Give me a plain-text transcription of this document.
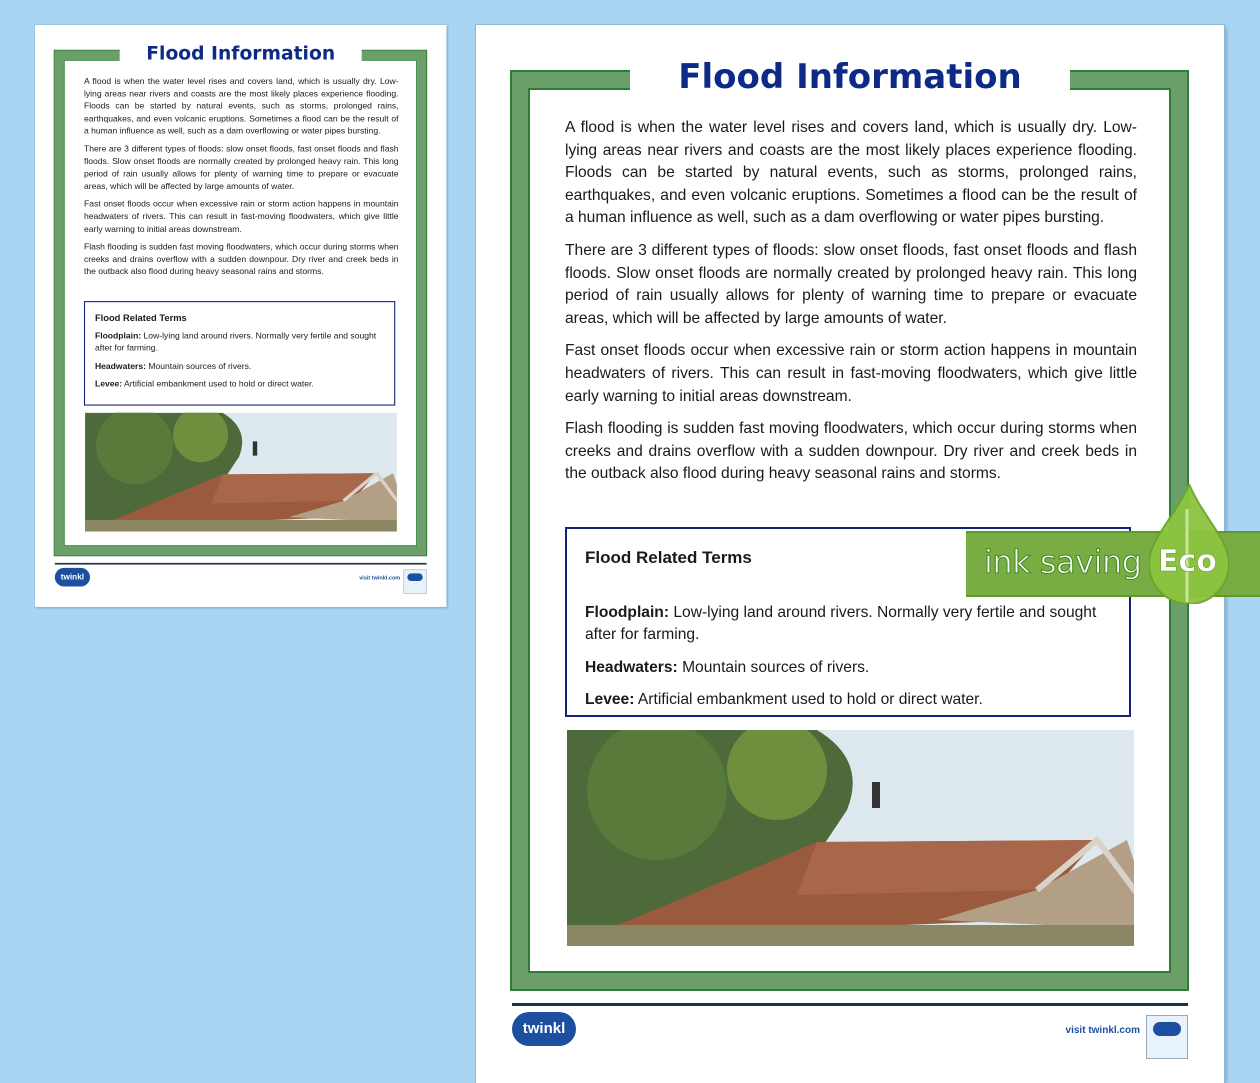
Flood Information

A flood is when the water level rises and covers land, which is usually dry. Low-lying areas near rivers and coasts are the most likely places experience flooding. Floods can be started by natural events, such as storms, prolonged rains, earthquakes, and even volcanic eruptions. Sometimes a flood can be the result of a human influence as well, such as a dam overflowing or water pipes bursting.

There are 3 different types of floods: slow onset floods, fast onset floods and flash floods. Slow onset floods are normally created by prolonged heavy rain. This long period of rain usually allows for plenty of warning time to prepare or evacuate areas, which will be affected by large amounts of water.

Fast onset floods occur when excessive rain or storm action happens in mountain headwaters of rivers. This can result in fast-moving floodwaters, which give little early warning to initial areas downstream.

Flash flooding is sudden fast moving floodwaters, which occur during storms when creeks and drains overflow with a sudden downpour. Dry river and creek beds in the outback also flood during heavy seasonal rains and storms.

Flood Related Terms

Floodplain: Low-lying land around rivers. Normally very fertile and sought after for farming.

Headwaters: Mountain sources of rivers.

Levee: Artificial embankment used to hold or direct water.

twinkl	visit twinkl.com
Flood Information

A flood is when the water level rises and covers land, which is usually dry. Low-lying areas near rivers and coasts are the most likely places experience flooding. Floods can be started by natural events, such as storms, prolonged rains, earthquakes, and even volcanic eruptions. Sometimes a flood can be the result of a human influence as well, such as a dam overflowing or water pipes bursting.

There are 3 different types of floods: slow onset floods, fast onset floods and flash floods. Slow onset floods are normally created by prolonged heavy rain. This long period of rain usually allows for plenty of warning time to prepare or evacuate areas, which will be affected by large amounts of water.

Fast onset floods occur when excessive rain or storm action happens in mountain headwaters of rivers. This can result in fast-moving floodwaters, which give little early warning to initial areas downstream.

Flash flooding is sudden fast moving floodwaters, which occur during storms when creeks and drains overflow with a sudden downpour. Dry river and creek beds in the outback also flood during heavy seasonal rains and storms.

Flood Related Terms

Floodplain: Low-lying land around rivers. Normally very fertile and sought after for farming.

Headwaters: Mountain sources of rivers.

Levee: Artificial embankment used to hold or direct water.

twinkl	visit twinkl.com
ink saving Eco
